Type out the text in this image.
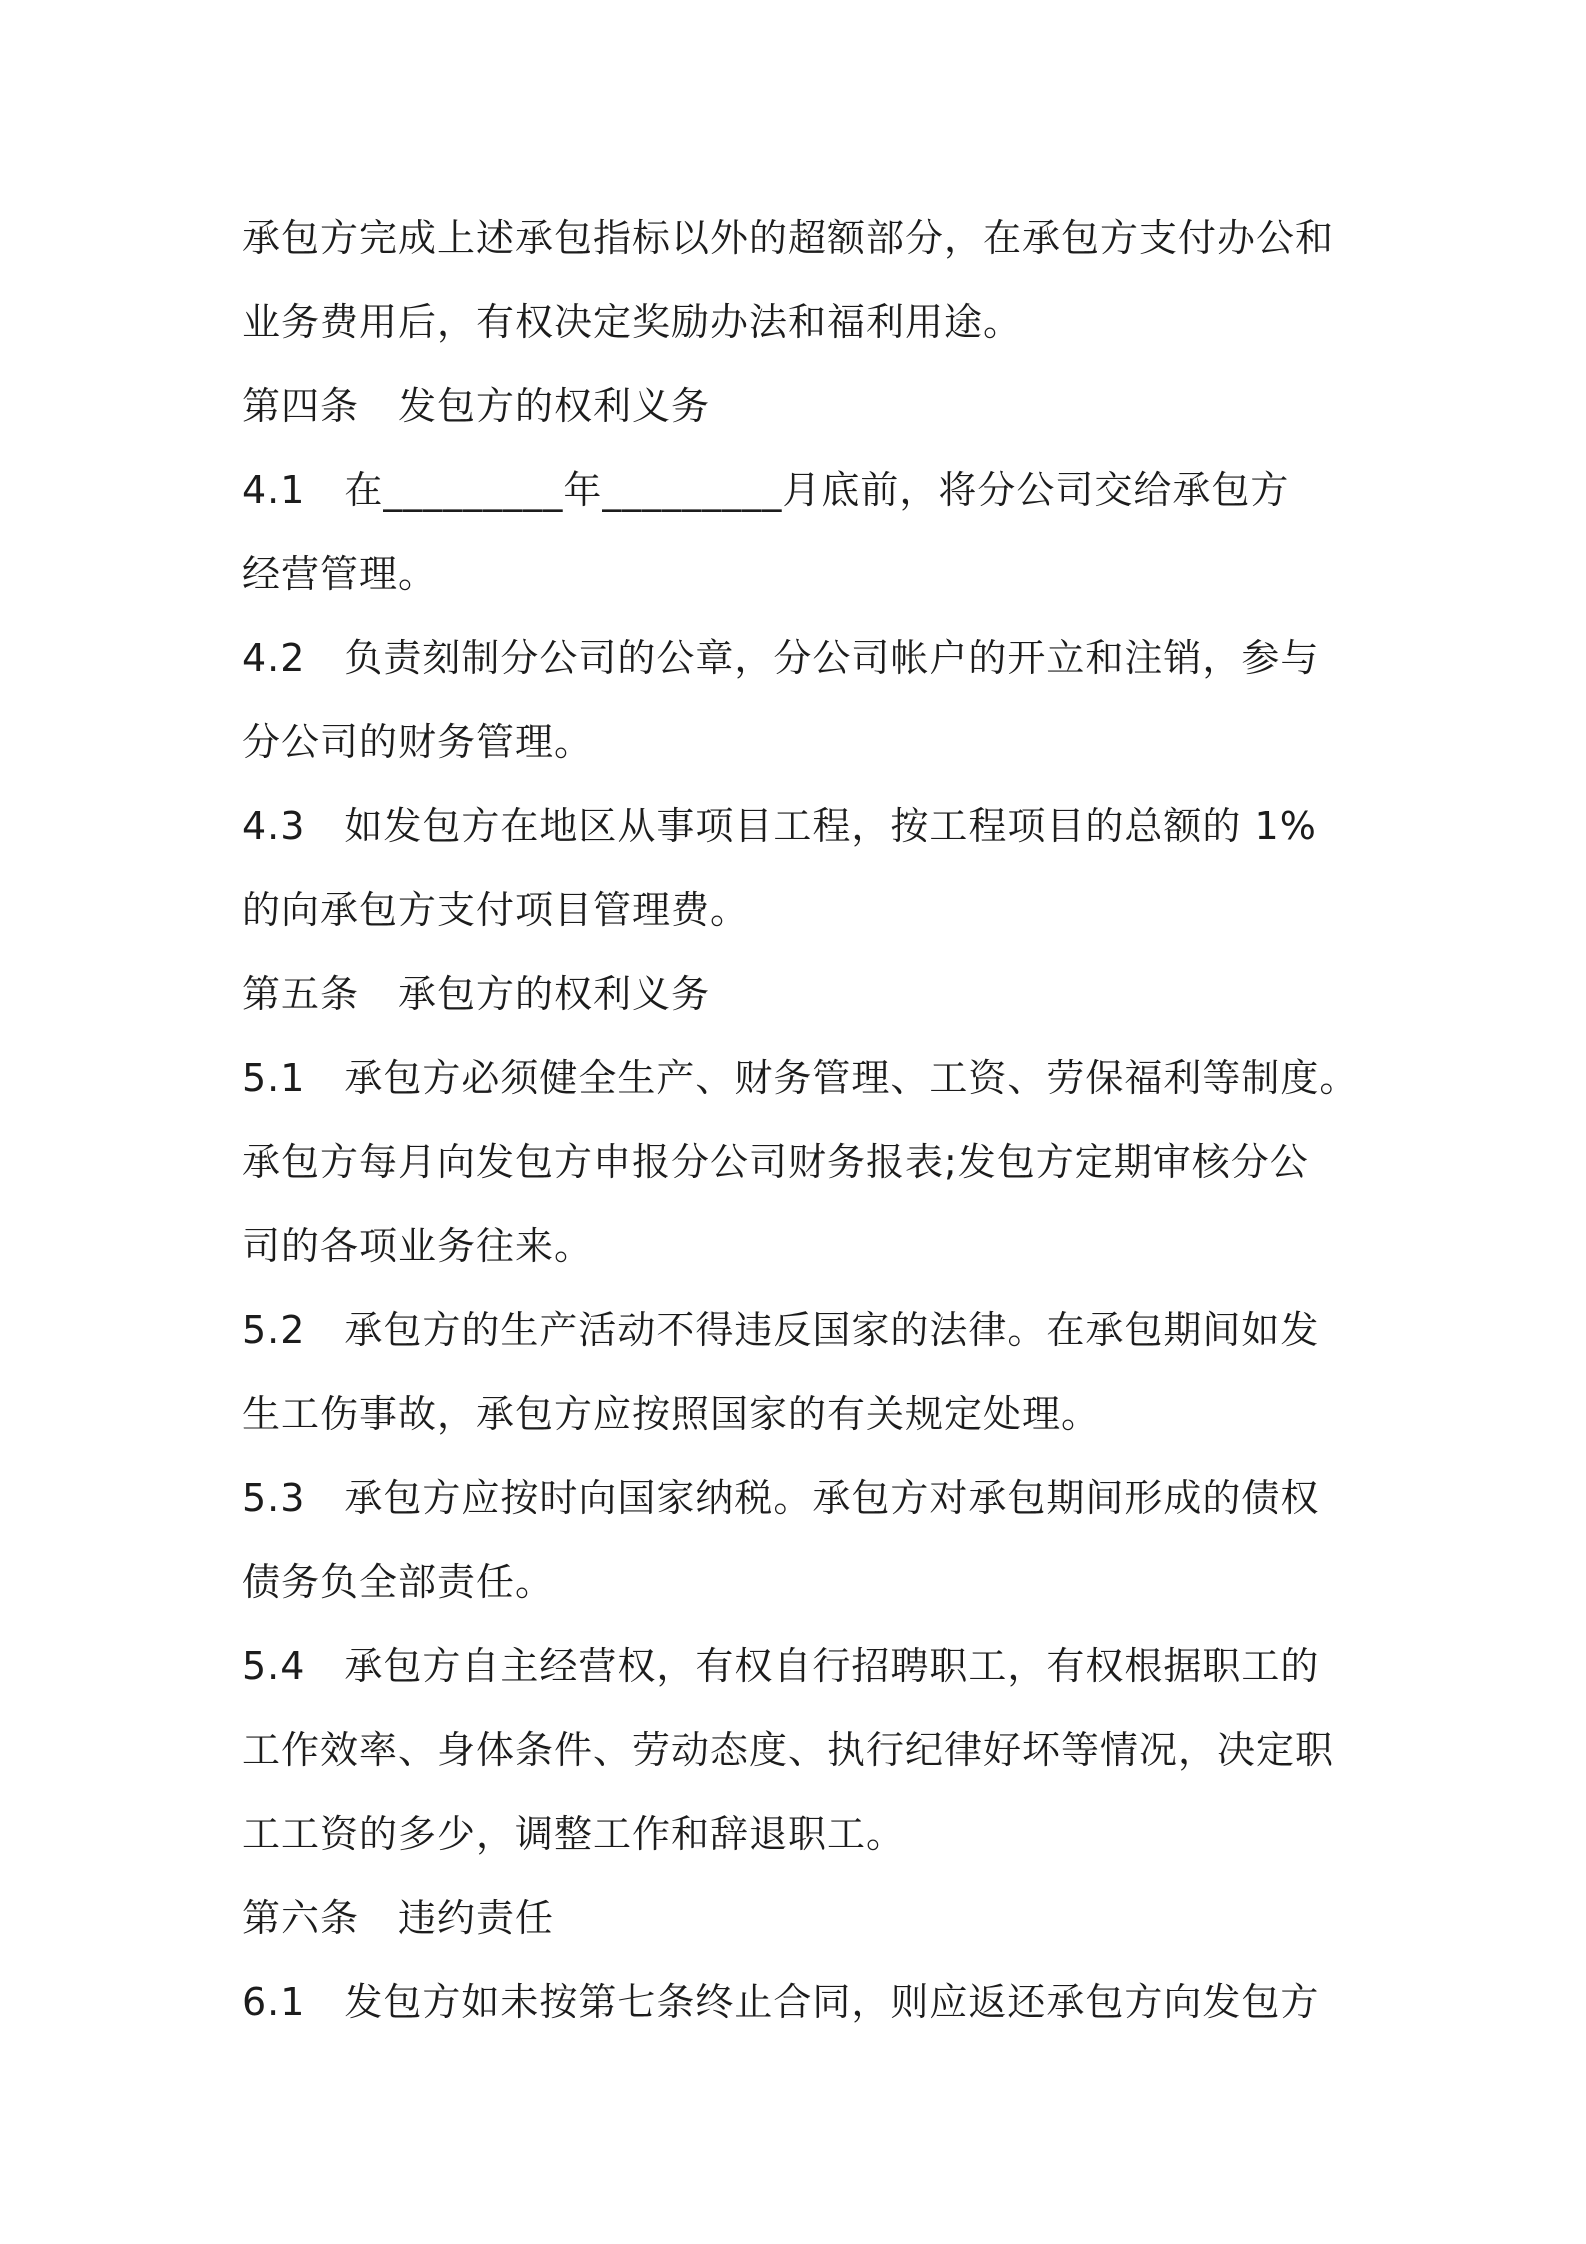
承包方完成上述承包指标以外的超额部分，在承包方支付办公和
业务费用后，有权决定奖励办法和福利用途。
第四条　发包方的权利义务
4.1　在_________年_________月底前，将分公司交给承包方
经营管理。
4.2　负责刻制分公司的公章，分公司帐户的开立和注销，参与
分公司的财务管理。
4.3　如发包方在地区从事项目工程，按工程项目的总额的 1%
的向承包方支付项目管理费。
第五条　承包方的权利义务
5.1　承包方必须健全生产、财务管理、工资、劳保福利等制度。
承包方每月向发包方申报分公司财务报表;发包方定期审核分公
司的各项业务往来。
5.2　承包方的生产活动不得违反国家的法律。在承包期间如发
生工伤事故，承包方应按照国家的有关规定处理。
5.3　承包方应按时向国家纳税。承包方对承包期间形成的债权
债务负全部责任。
5.4　承包方自主经营权，有权自行招聘职工，有权根据职工的
工作效率、身体条件、劳动态度、执行纪律好坏等情况，决定职
工工资的多少，调整工作和辞退职工。
第六条　违约责任
6.1　发包方如未按第七条终止合同，则应返还承包方向发包方
